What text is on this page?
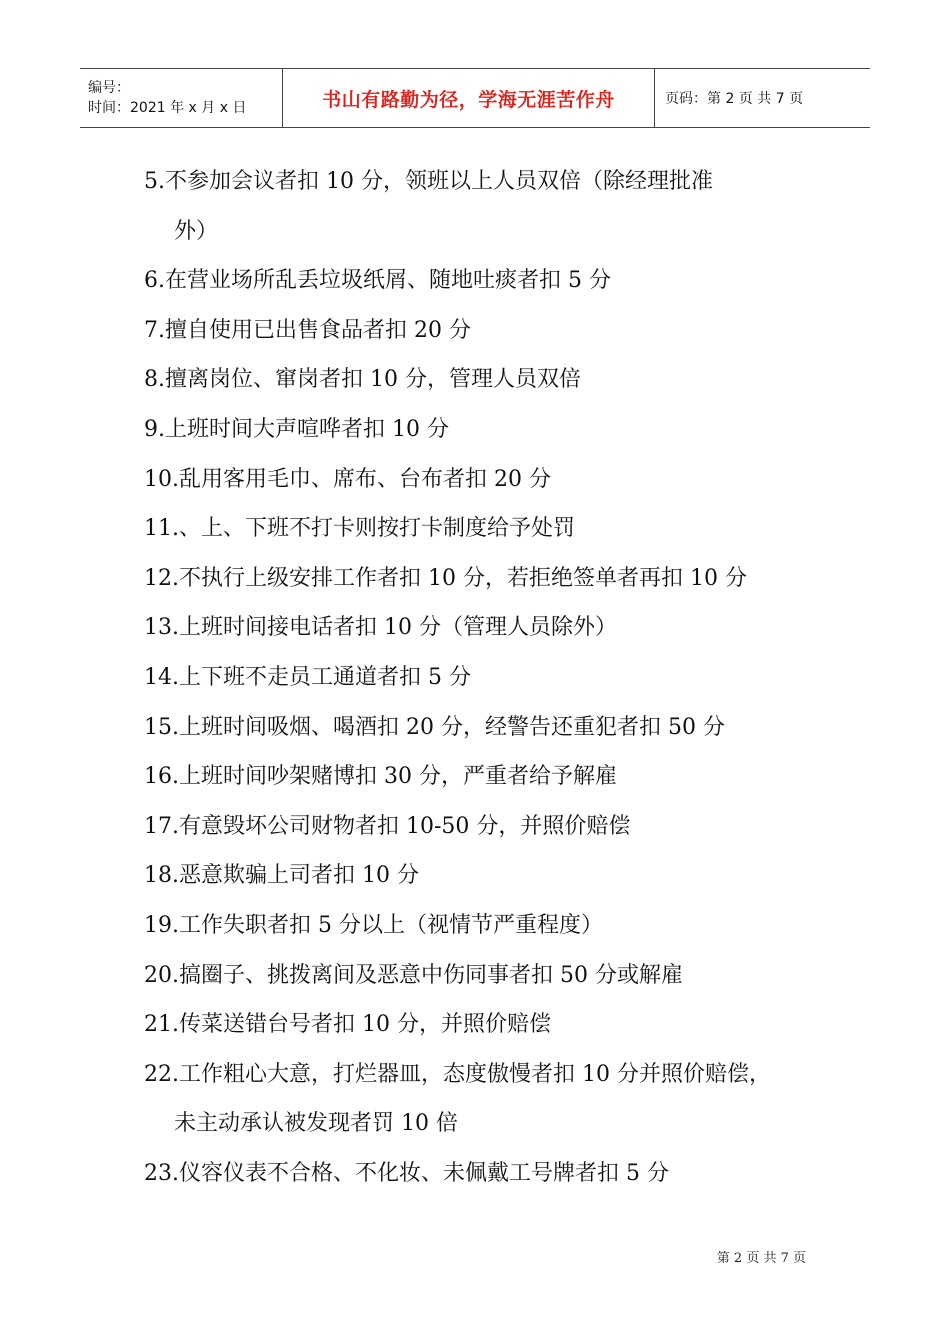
编号：
时间：2021 年 x 月 x 日	书山有路勤为径，学海无涯苦作舟	页码：第 2 页 共 7 页
5.不参加会议者扣 10 分，领班以上人员双倍（除经理批准
外）
6.在营业场所乱丢垃圾纸屑、随地吐痰者扣 5 分
7.擅自使用已出售食品者扣 20 分
8.擅离岗位、窜岗者扣 10 分，管理人员双倍
9.上班时间大声喧哗者扣 10 分
10.乱用客用毛巾、席布、台布者扣 20 分
11.、上、下班不打卡则按打卡制度给予处罚
12.不执行上级安排工作者扣 10 分，若拒绝签单者再扣 10 分
13.上班时间接电话者扣 10 分（管理人员除外）
14.上下班不走员工通道者扣 5 分
15.上班时间吸烟、喝酒扣 20 分，经警告还重犯者扣 50 分
16.上班时间吵架赌博扣 30 分，严重者给予解雇
17.有意毁坏公司财物者扣 10-50 分，并照价赔偿
18.恶意欺骗上司者扣 10 分
19.工作失职者扣 5 分以上（视情节严重程度）
20.搞圈子、挑拨离间及恶意中伤同事者扣 50 分或解雇
21.传菜送错台号者扣 10 分，并照价赔偿
22.工作粗心大意，打烂器皿，态度傲慢者扣 10 分并照价赔偿，
未主动承认被发现者罚 10 倍
23.仪容仪表不合格、不化妆、未佩戴工号牌者扣 5 分
第 2 页 共 7 页
